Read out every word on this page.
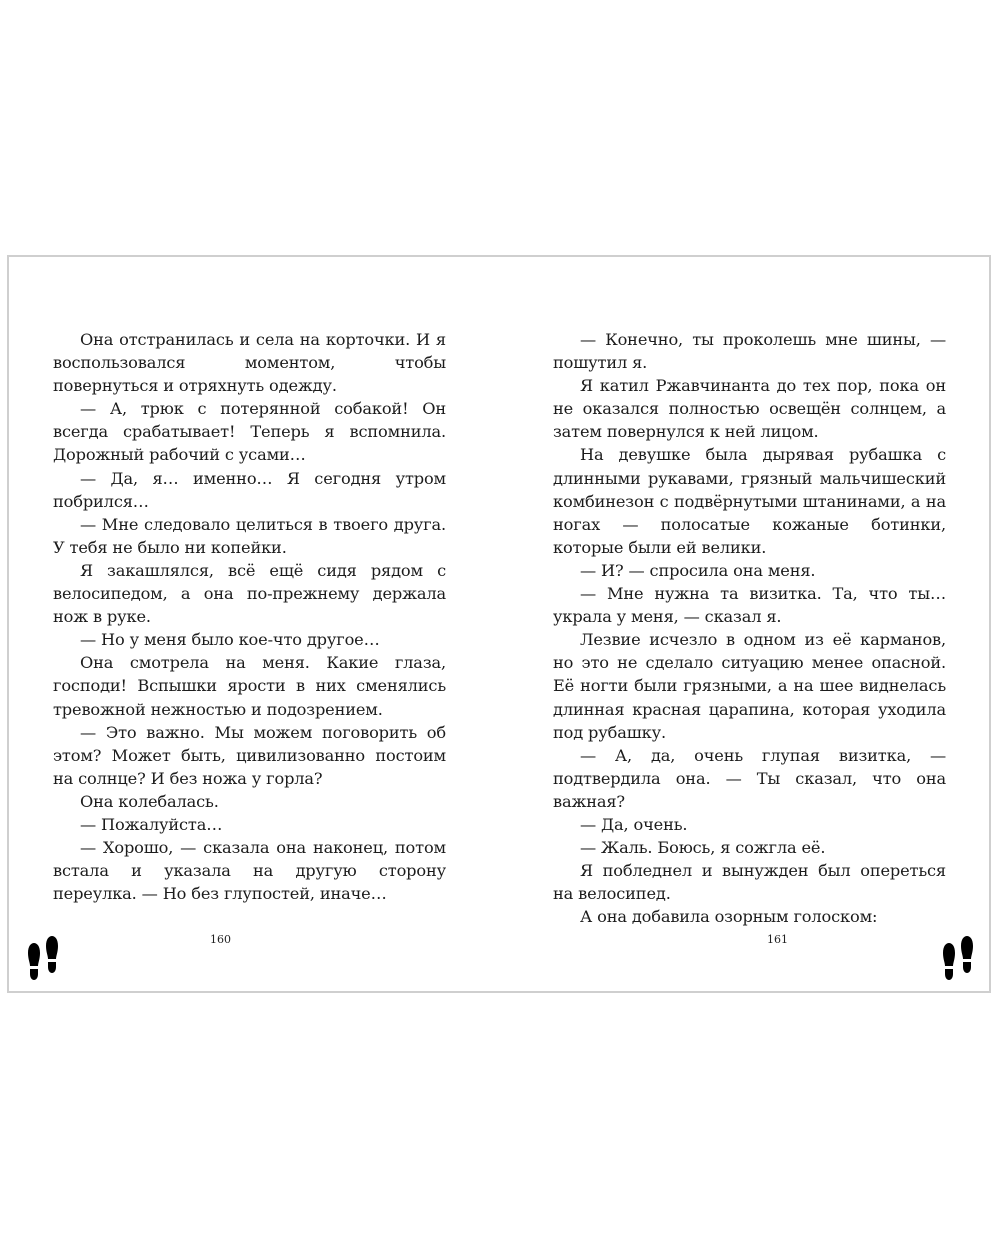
Она отстранилась и села на корточки. И я воспользовался моментом, чтобы повернуться и отряхнуть одежду.

— А, трюк с потерянной собакой! Он всегда срабатывает! Теперь я вспомнила. Дорожный рабочий с усами…

— Да, я… именно… Я сегодня утром побрился…

— Мне следовало целиться в твоего друга. У тебя не было ни копейки.

Я закашлялся, всё ещё сидя рядом с велосипедом, а она по-прежнему держала нож в руке.

— Но у меня было кое-что другое…

Она смотрела на меня. Какие глаза, господи! Вспышки ярости в них сменялись тревожной нежностью и подозрением.

— Это важно. Мы можем поговорить об этом? Может быть, цивилизованно постоим на солнце? И без ножа у горла?

Она колебалась.

— Пожалуйста…

— Хорошо, — сказала она наконец, потом встала и указала на другую сторону переулка. — Но без глупостей, иначе…

— Конечно, ты проколешь мне шины, — пошутил я.

Я катил Ржавчинанта до тех пор, пока он не оказался полностью освещён солнцем, а затем повернулся к ней лицом.

На девушке была дырявая рубашка с длинными рукавами, грязный мальчишеский комбинезон с подвёрнутыми штанинами, а на ногах — полосатые кожаные ботинки, которые были ей велики.

— И? — спросила она меня.

— Мне нужна та визитка. Та, что ты… украла у меня, — сказал я.

Лезвие исчезло в одном из её карманов, но это не сделало ситуацию менее опасной. Её ногти были грязными, а на шее виднелась длинная красная царапина, которая уходила под рубашку.

— А, да, очень глупая визитка, — подтвердила она. — Ты сказал, что она важная?

— Да, очень.

— Жаль. Боюсь, я сожгла её.

Я побледнел и вынужден был опереться на велосипед.

А она добавила озорным голоском:

160	161
